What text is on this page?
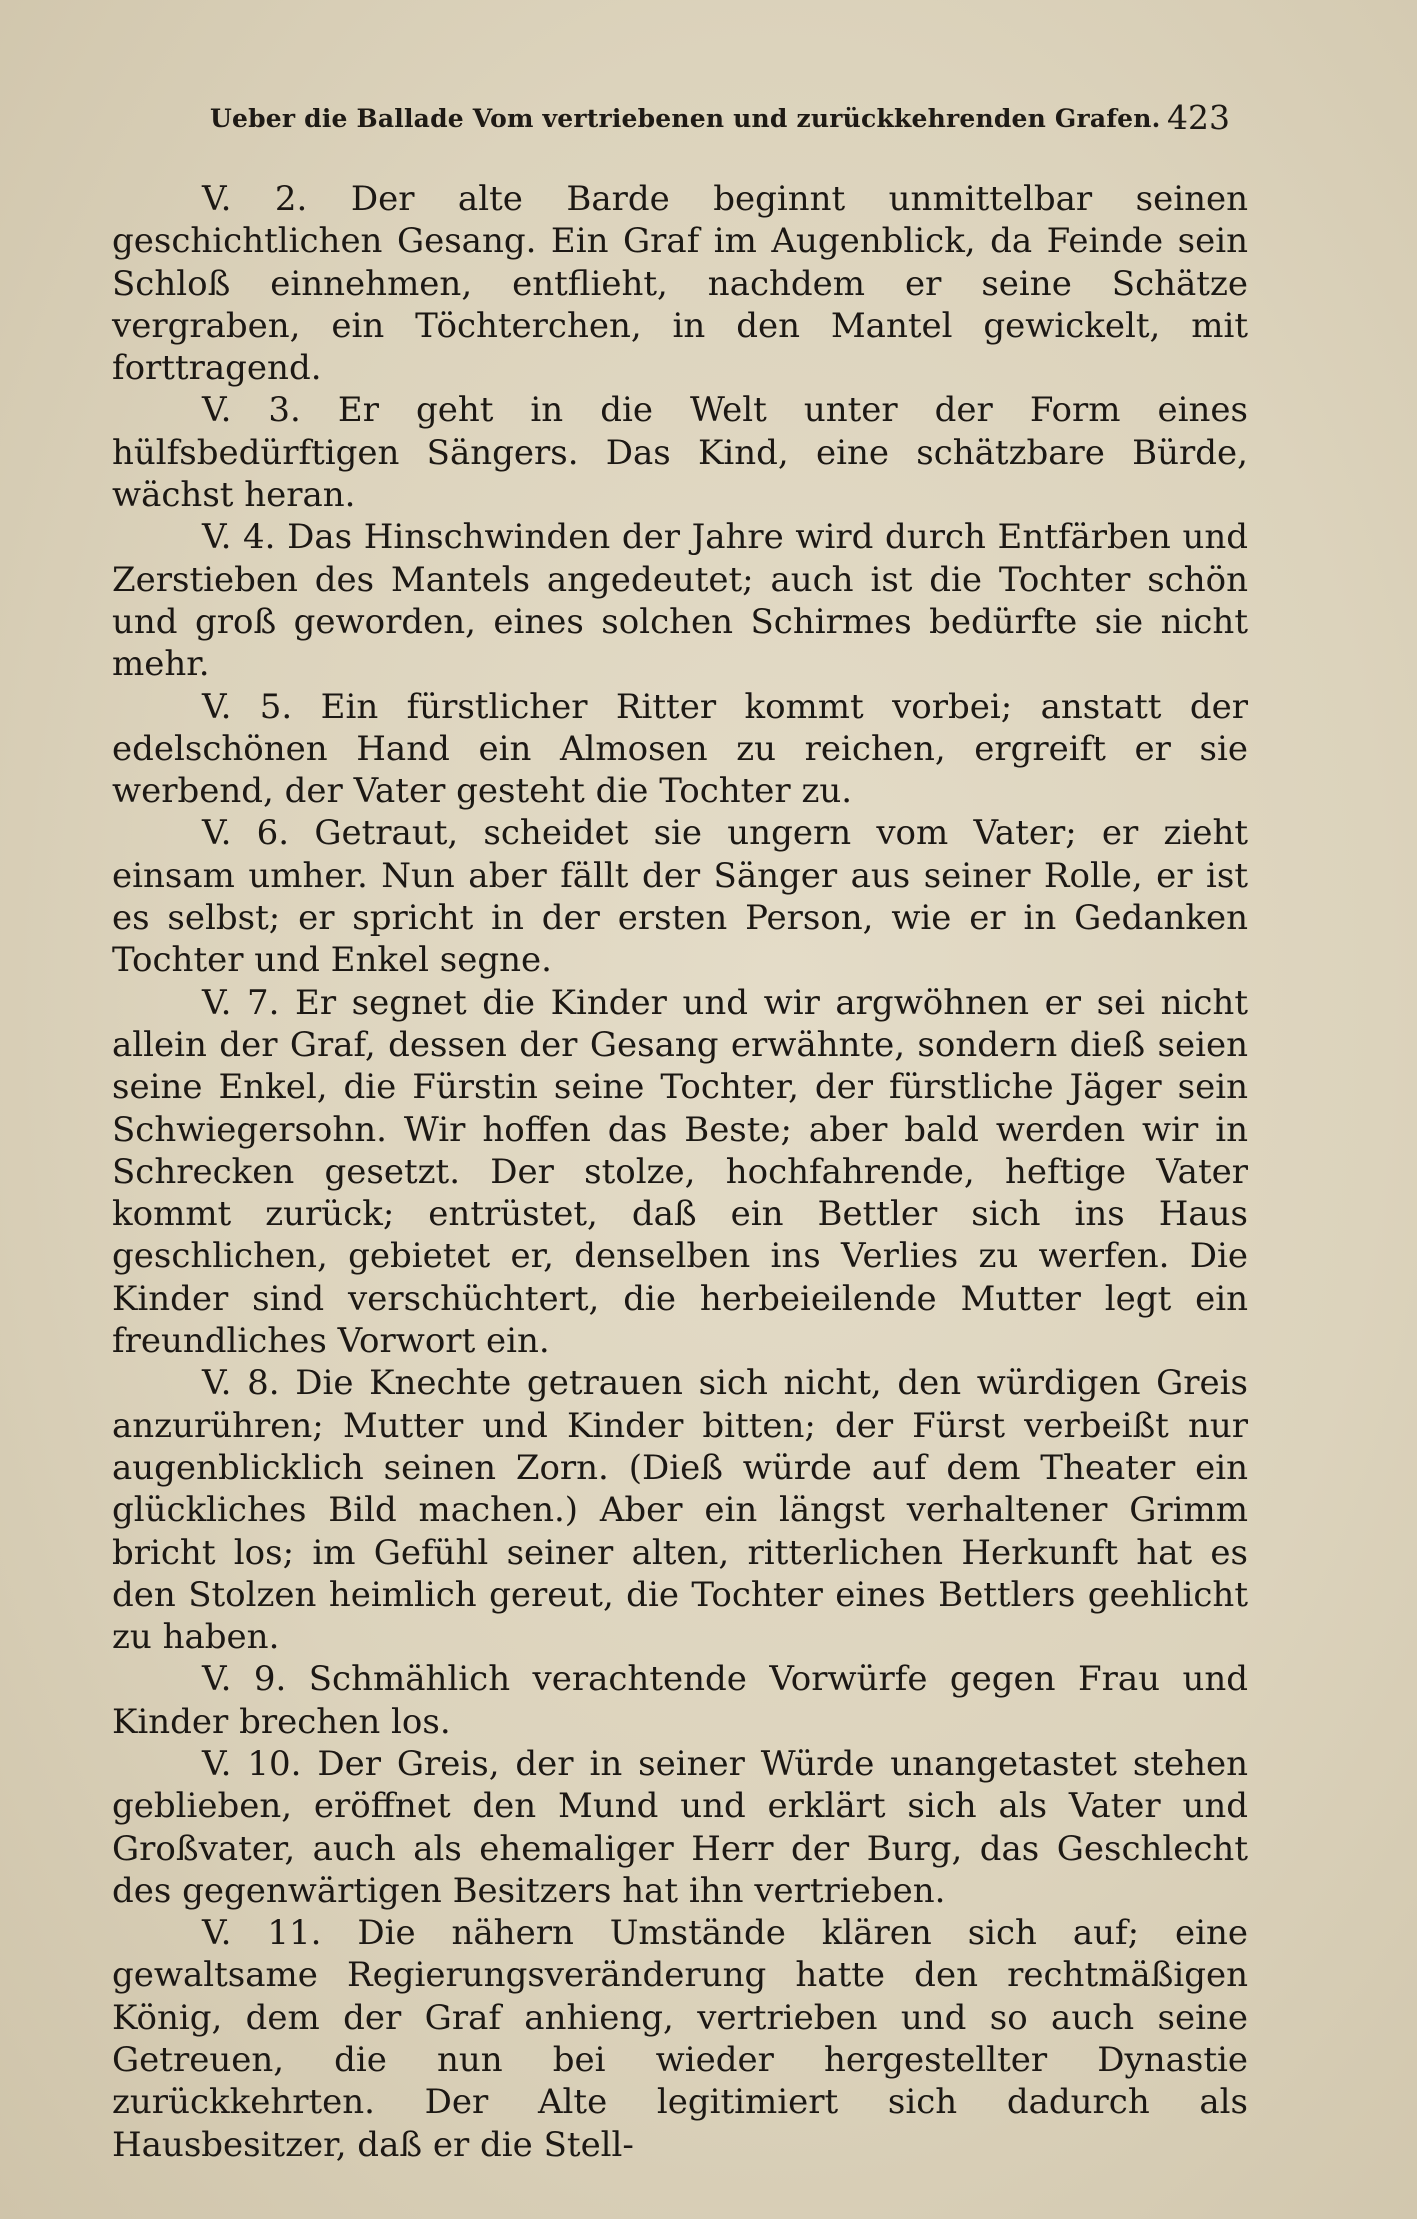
Ueber die Ballade Vom vertriebenen und zurückkehrenden Grafen. 423

V. 2. Der alte Barde beginnt unmittelbar seinen geschichtlichen Gesang. Ein Graf im Augenblick, da Feinde sein Schloß einnehmen, entflieht, nachdem er seine Schätze vergraben, ein Töchterchen, in den Mantel gewickelt, mit forttragend.

V. 3. Er geht in die Welt unter der Form eines hülfsbedürftigen Sängers. Das Kind, eine schätzbare Bürde, wächst heran.

V. 4. Das Hinschwinden der Jahre wird durch Entfärben und Zerstieben des Mantels angedeutet; auch ist die Tochter schön und groß geworden, eines solchen Schirmes bedürfte sie nicht mehr.

V. 5. Ein fürstlicher Ritter kommt vorbei; anstatt der edelschönen Hand ein Almosen zu reichen, ergreift er sie werbend, der Vater gesteht die Tochter zu.

V. 6. Getraut, scheidet sie ungern vom Vater; er zieht einsam umher. Nun aber fällt der Sänger aus seiner Rolle, er ist es selbst; er spricht in der ersten Person, wie er in Gedanken Tochter und Enkel segne.

V. 7. Er segnet die Kinder und wir argwöhnen er sei nicht allein der Graf, dessen der Gesang erwähnte, sondern dieß seien seine Enkel, die Fürstin seine Tochter, der fürstliche Jäger sein Schwiegersohn. Wir hoffen das Beste; aber bald werden wir in Schrecken gesetzt. Der stolze, hochfahrende, heftige Vater kommt zurück; entrüstet, daß ein Bettler sich ins Haus geschlichen, gebietet er, denselben ins Verlies zu werfen. Die Kinder sind verschüchtert, die herbeieilende Mutter legt ein freundliches Vorwort ein.

V. 8. Die Knechte getrauen sich nicht, den würdigen Greis anzurühren; Mutter und Kinder bitten; der Fürst verbeißt nur augenblicklich seinen Zorn. (Dieß würde auf dem Theater ein glückliches Bild machen.) Aber ein längst verhaltener Grimm bricht los; im Gefühl seiner alten, ritterlichen Herkunft hat es den Stolzen heimlich gereut, die Tochter eines Bettlers geehlicht zu haben.

V. 9. Schmählich verachtende Vorwürfe gegen Frau und Kinder brechen los.

V. 10. Der Greis, der in seiner Würde unangetastet stehen geblieben, eröffnet den Mund und erklärt sich als Vater und Großvater, auch als ehemaliger Herr der Burg, das Geschlecht des gegenwärtigen Besitzers hat ihn vertrieben.

V. 11. Die nähern Umstände klären sich auf; eine gewaltsame Regierungsveränderung hatte den rechtmäßigen König, dem der Graf anhieng, vertrieben und so auch seine Getreuen, die nun bei wieder hergestellter Dynastie zurückkehrten. Der Alte legitimiert sich dadurch als Hausbesitzer, daß er die Stell-
